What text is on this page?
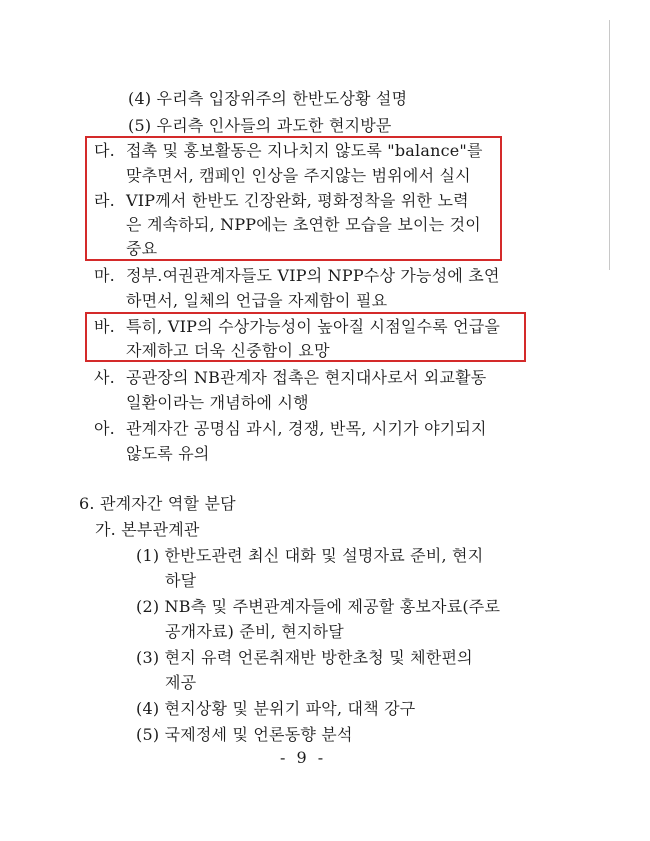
(4) 우리측 입장위주의 한반도상황 설명
(5) 우리측 인사들의 과도한 현지방문
다. 접촉 및 홍보활동은 지나치지 않도록 "balance"를
맞추면서, 캠페인 인상을 주지않는 범위에서 실시
라. VIP께서 한반도 긴장완화, 평화정착을 위한 노력
은 계속하되, NPP에는 초연한 모습을 보이는 것이
중요
마. 정부.여권관계자들도 VIP의 NPP수상 가능성에 초연
하면서, 일체의 언급을 자제함이 필요
바. 특히, VIP의 수상가능성이 높아질 시점일수록 언급을
자제하고 더욱 신중함이 요망
사. 공관장의 NB관계자 접촉은 현지대사로서 외교활동
일환이라는 개념하에 시행
아. 관계자간 공명심 과시, 경쟁, 반목, 시기가 야기되지
않도록 유의
6. 관계자간 역할 분담
가. 본부관계관
(1) 한반도관련 최신 대화 및 설명자료 준비, 현지
하달
(2) NB측 및 주변관계자들에 제공할 홍보자료(주로
공개자료) 준비, 현지하달
(3) 현지 유력 언론취재반 방한초청 및 체한편의
제공
(4) 현지상황 및 분위기 파악, 대책 강구
(5) 국제정세 및 언론동향 분석
- 9 -
